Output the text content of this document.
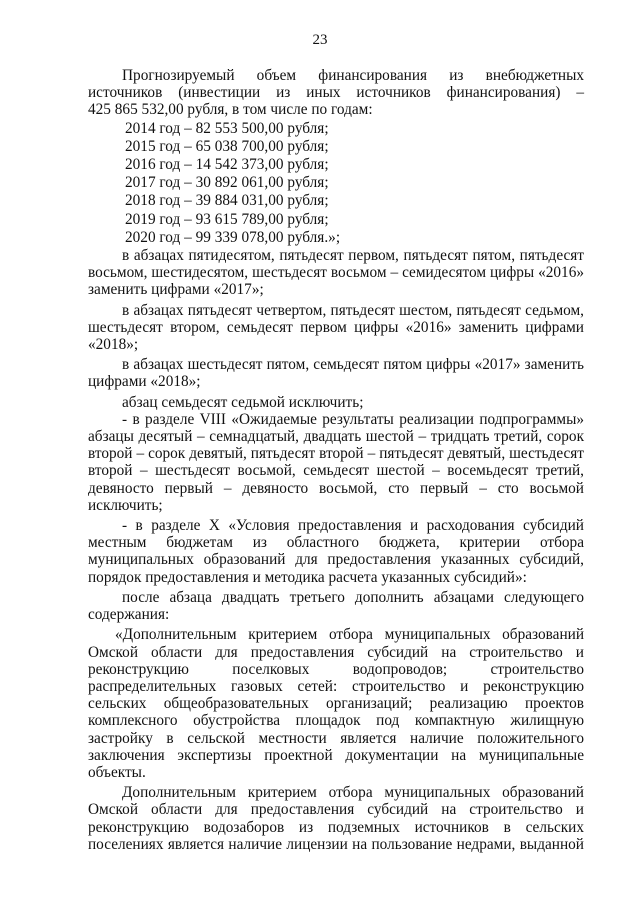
23
Прогнозируемый объем финансирования из внебюджетных
источников (инвестиции из иных источников финансирования) –
425 865 532,00 рубля, в том числе по годам:
2014 год – 82 553 500,00 рубля;
2015 год – 65 038 700,00 рубля;
2016 год – 14 542 373,00 рубля;
2017 год – 30 892 061,00 рубля;
2018 год – 39 884 031,00 рубля;
2019 год – 93 615 789,00 рубля;
2020 год – 99 339 078,00 рубля.»;
в абзацах пятидесятом, пятьдесят первом, пятьдесят пятом, пятьдесят
восьмом, шестидесятом, шестьдесят восьмом – семидесятом цифры «2016»
заменить цифрами «2017»;
в абзацах пятьдесят четвертом, пятьдесят шестом, пятьдесят седьмом,
шестьдесят втором, семьдесят первом цифры «2016» заменить цифрами
«2018»;
в абзацах шестьдесят пятом, семьдесят пятом цифры «2017» заменить
цифрами «2018»;
абзац семьдесят седьмой исключить;
- в разделе VIII «Ожидаемые результаты реализации подпрограммы»
абзацы десятый – семнадцатый, двадцать шестой – тридцать третий, сорок
второй – сорок девятый, пятьдесят второй – пятьдесят девятый, шестьдесят
второй – шестьдесят восьмой, семьдесят шестой – восемьдесят третий,
девяносто первый – девяносто восьмой, сто первый – сто восьмой
исключить;
- в разделе X «Условия предоставления и расходования субсидий
местным бюджетам из областного бюджета, критерии отбора
муниципальных образований для предоставления указанных субсидий,
порядок предоставления и методика расчета указанных субсидий»:
после абзаца двадцать третьего дополнить абзацами следующего
содержания:
«Дополнительным критерием отбора муниципальных образований
Омской области для предоставления субсидий на строительство и
реконструкцию поселковых водопроводов; строительство
распределительных газовых сетей: строительство и реконструкцию
сельских общеобразовательных организаций; реализацию проектов
комплексного обустройства площадок под компактную жилищную
застройку в сельской местности является наличие положительного
заключения экспертизы проектной документации на муниципальные
объекты.
Дополнительным критерием отбора муниципальных образований
Омской области для предоставления субсидий на строительство и
реконструкцию водозаборов из подземных источников в сельских
поселениях является наличие лицензии на пользование недрами, выданной
